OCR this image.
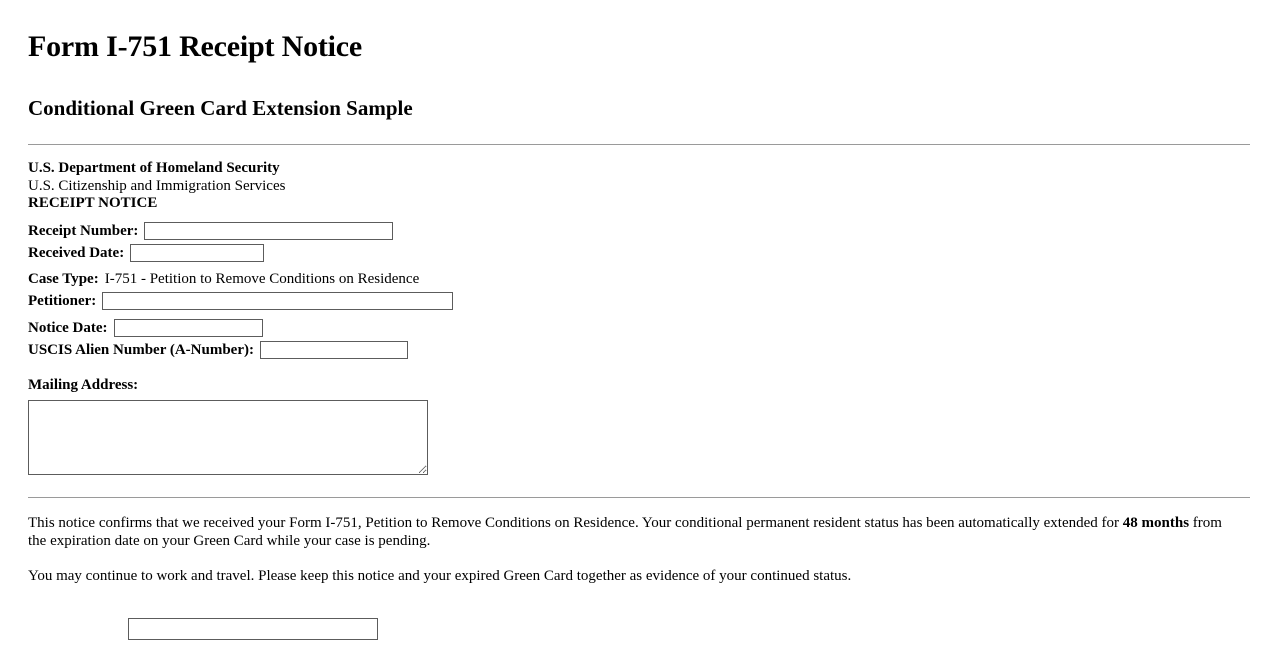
Form I-751 Receipt Notice
Conditional Green Card Extension Sample
U.S. Department of Homeland Security
U.S. Citizenship and Immigration Services
RECEIPT NOTICE
Receipt Number:
Received Date:
Case Type: I-751 - Petition to Remove Conditions on Residence
Petitioner:
Notice Date:
USCIS Alien Number (A-Number):
Mailing Address:

This notice confirms that we received your Form I-751, Petition to Remove Conditions on Residence. Your conditional permanent resident status has been automatically extended for 48 months from the expiration date on your Green Card while your case is pending.

You may continue to work and travel. Please keep this notice and your expired Green Card together as evidence of your continued status.
